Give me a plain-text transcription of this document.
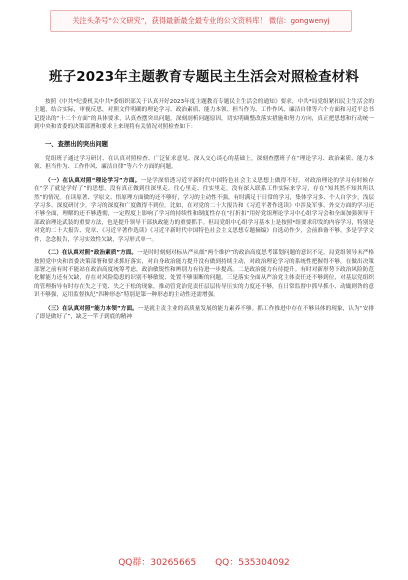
关注头条号“公文研究”，获得最新最全最专业的公文资料库！ 微信：gongwenyj
班子2023年主题教育专题民主生活会对照检查材料

按照《中共*纪委机关中共*委组织部关于认真开好2023年度主题教育专题民主生活会的通知》要求，中共*局党组紧扣民主生活会的主题，结合实际，审视反思，对照文件明确的理论学习、政治素质、能力本领、担当作为、工作作风、廉洁自律等六个方面和习近平总书记提出的“十二个方面”的具体要求，认真查摆突出问题，深刻剖析问题原因，切实明确整改落实措施和努力方向，真正把思想和行动统一到中央和省委的决策部署和要求上来现将有关情况对照检查如下：

一、查摆出的突出问题

党组班子通过学习研讨、在认真对照检查、广泛征求意见、深入交心谈心的基础上，深刻查摆班子在“理论学习、政治素质、能力本领、担当作为、工作作风、廉洁自律”等六个方面的问题。

（一）在认真对照“理论学习”方面。一是学深悟透习近平新时代中国特色社会主义思想上做得不好。对政治理论的学习有时候存在“学了就是学好了”的思想，没有真正做到往深里走、往心里走、往实里走，没有深入联系工作实际来学习，存在“知其然不知其所以然”的情况。在读原著、学原文、悟原理方面做的还不够好，学习的主动性不强，有时满足于日常的学习，集体学习多、个人自学少，浅层学习多、深度研讨少，学习的深度和广度做得不到位。比如，在对党的二十大报告和《习近平著作选读》中涉及军事、外交方面的学习还不够全面，理解的还不够透彻，一定程度上影响了学习的持续性和制度性存在“打折扣”用好党组理论学习中心组学习会和全面加强领导干部政治理论武装的重要方法，也是提升领导干部执政能力的重要抓手。但局党组中心组学习基本上是按照*组要求印发的内容学习，特别是对党的二十大报告、党章、《习近平著作选读》《习近平新时代中国特色社会主义思想专题摘编》自选动作少，会前准备不够，多是学学文件，念念报告，学习实效性欠缺，学习形式单一。

（二）在认真对照“政治素质”方面。一是时时刻刻对标从严从细“两个维护”的政治高度思考谋划问题的意识不足。局党组领导未严格按照党中央和省委决策部署和要求抓好落实，对自身政治能力提升没有做到持续主动，对政治理论学习的系统性把握得不够，在做出决策部署之前有时不能站在政治高度统筹考虑，政治敏锐性和辨别力有待进一步提高。二是政治能力有待提升。有时对新形势下政治风险防范化解能力还有欠缺，存在对风险隐患的识别不够敏锐、处置不够果断的问题。三是落实全面从严治党主体责任还不够到位，对基层党组织的管理指导有时存在失之于宽、失之于松的现象，推动管党治党责任层层传导压实的力度还不够，在日常监督中抓早抓小、动辄则咎的意识不够强，运用监督执纪“四种形态”特别是第一种形态的主动性还需增强。

（三）在认真对照“能力本领”方面。一是就主责主业的高质量发展的能力素养不够。抓工作推进中存在不够具体的现象，认为“安排了即是做好了”，缺乏一竿子到底的精神

QQ群：30265665 QQ：535304092
